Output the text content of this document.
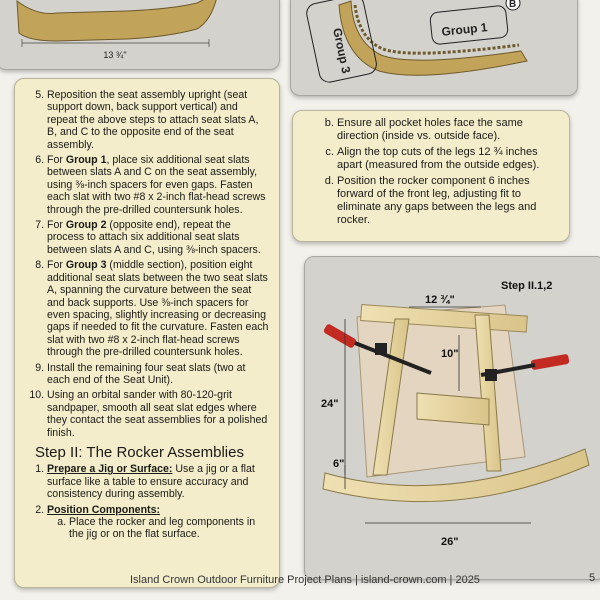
13 ¾"
Group 1
Group 3
B
5. Reposition the seat assembly upright (seat support down, back support vertical) and repeat the above steps to attach seat slats A, B, and C to the opposite end of the seat assembly.
6. For Group 1, place six additional seat slats between slats A and C on the seat assembly, using ⅜-inch spacers for even gaps. Fasten each slat with two #8 x 2-inch flat-head screws through the pre-drilled countersunk holes.
7. For Group 2 (opposite end), repeat the process to attach six additional seat slats between slats A and C, using ⅜-inch spacers.
8. For Group 3 (middle section), position eight additional seat slats between the two seat slats A, spanning the curvature between the seat and back supports. Use ⅜-inch spacers for even spacing, slightly increasing or decreasing gaps if needed to fit the curvature. Fasten each slat with two #8 x 2-inch flat-head screws through the pre-drilled countersunk holes.
9. Install the remaining four seat slats (two at each end of the Seat Unit).
10. Using an orbital sander with 80-120-grit sandpaper, smooth all seat slat edges where they contact the seat assemblies for a polished finish.
Step II: The Rocker Assemblies
1. Prepare a Jig or Surface: Use a jig or a flat surface like a table to ensure accuracy and consistency during assembly.
2. Position Components:
a. Place the rocker and leg components in the jig or on the flat surface.
b. Ensure all pocket holes face the same direction (inside vs. outside face).
c. Align the top cuts of the legs 12 ¾ inches apart (measured from the outside edges).
d. Position the rocker component 6 inches forward of the front leg, adjusting fit to eliminate any gaps between the legs and rocker.
Step II.1,2
12 ¾"
10"
24"
6"
26"
Island Crown Outdoor Furniture Project Plans | island-crown.com | 2025	5
